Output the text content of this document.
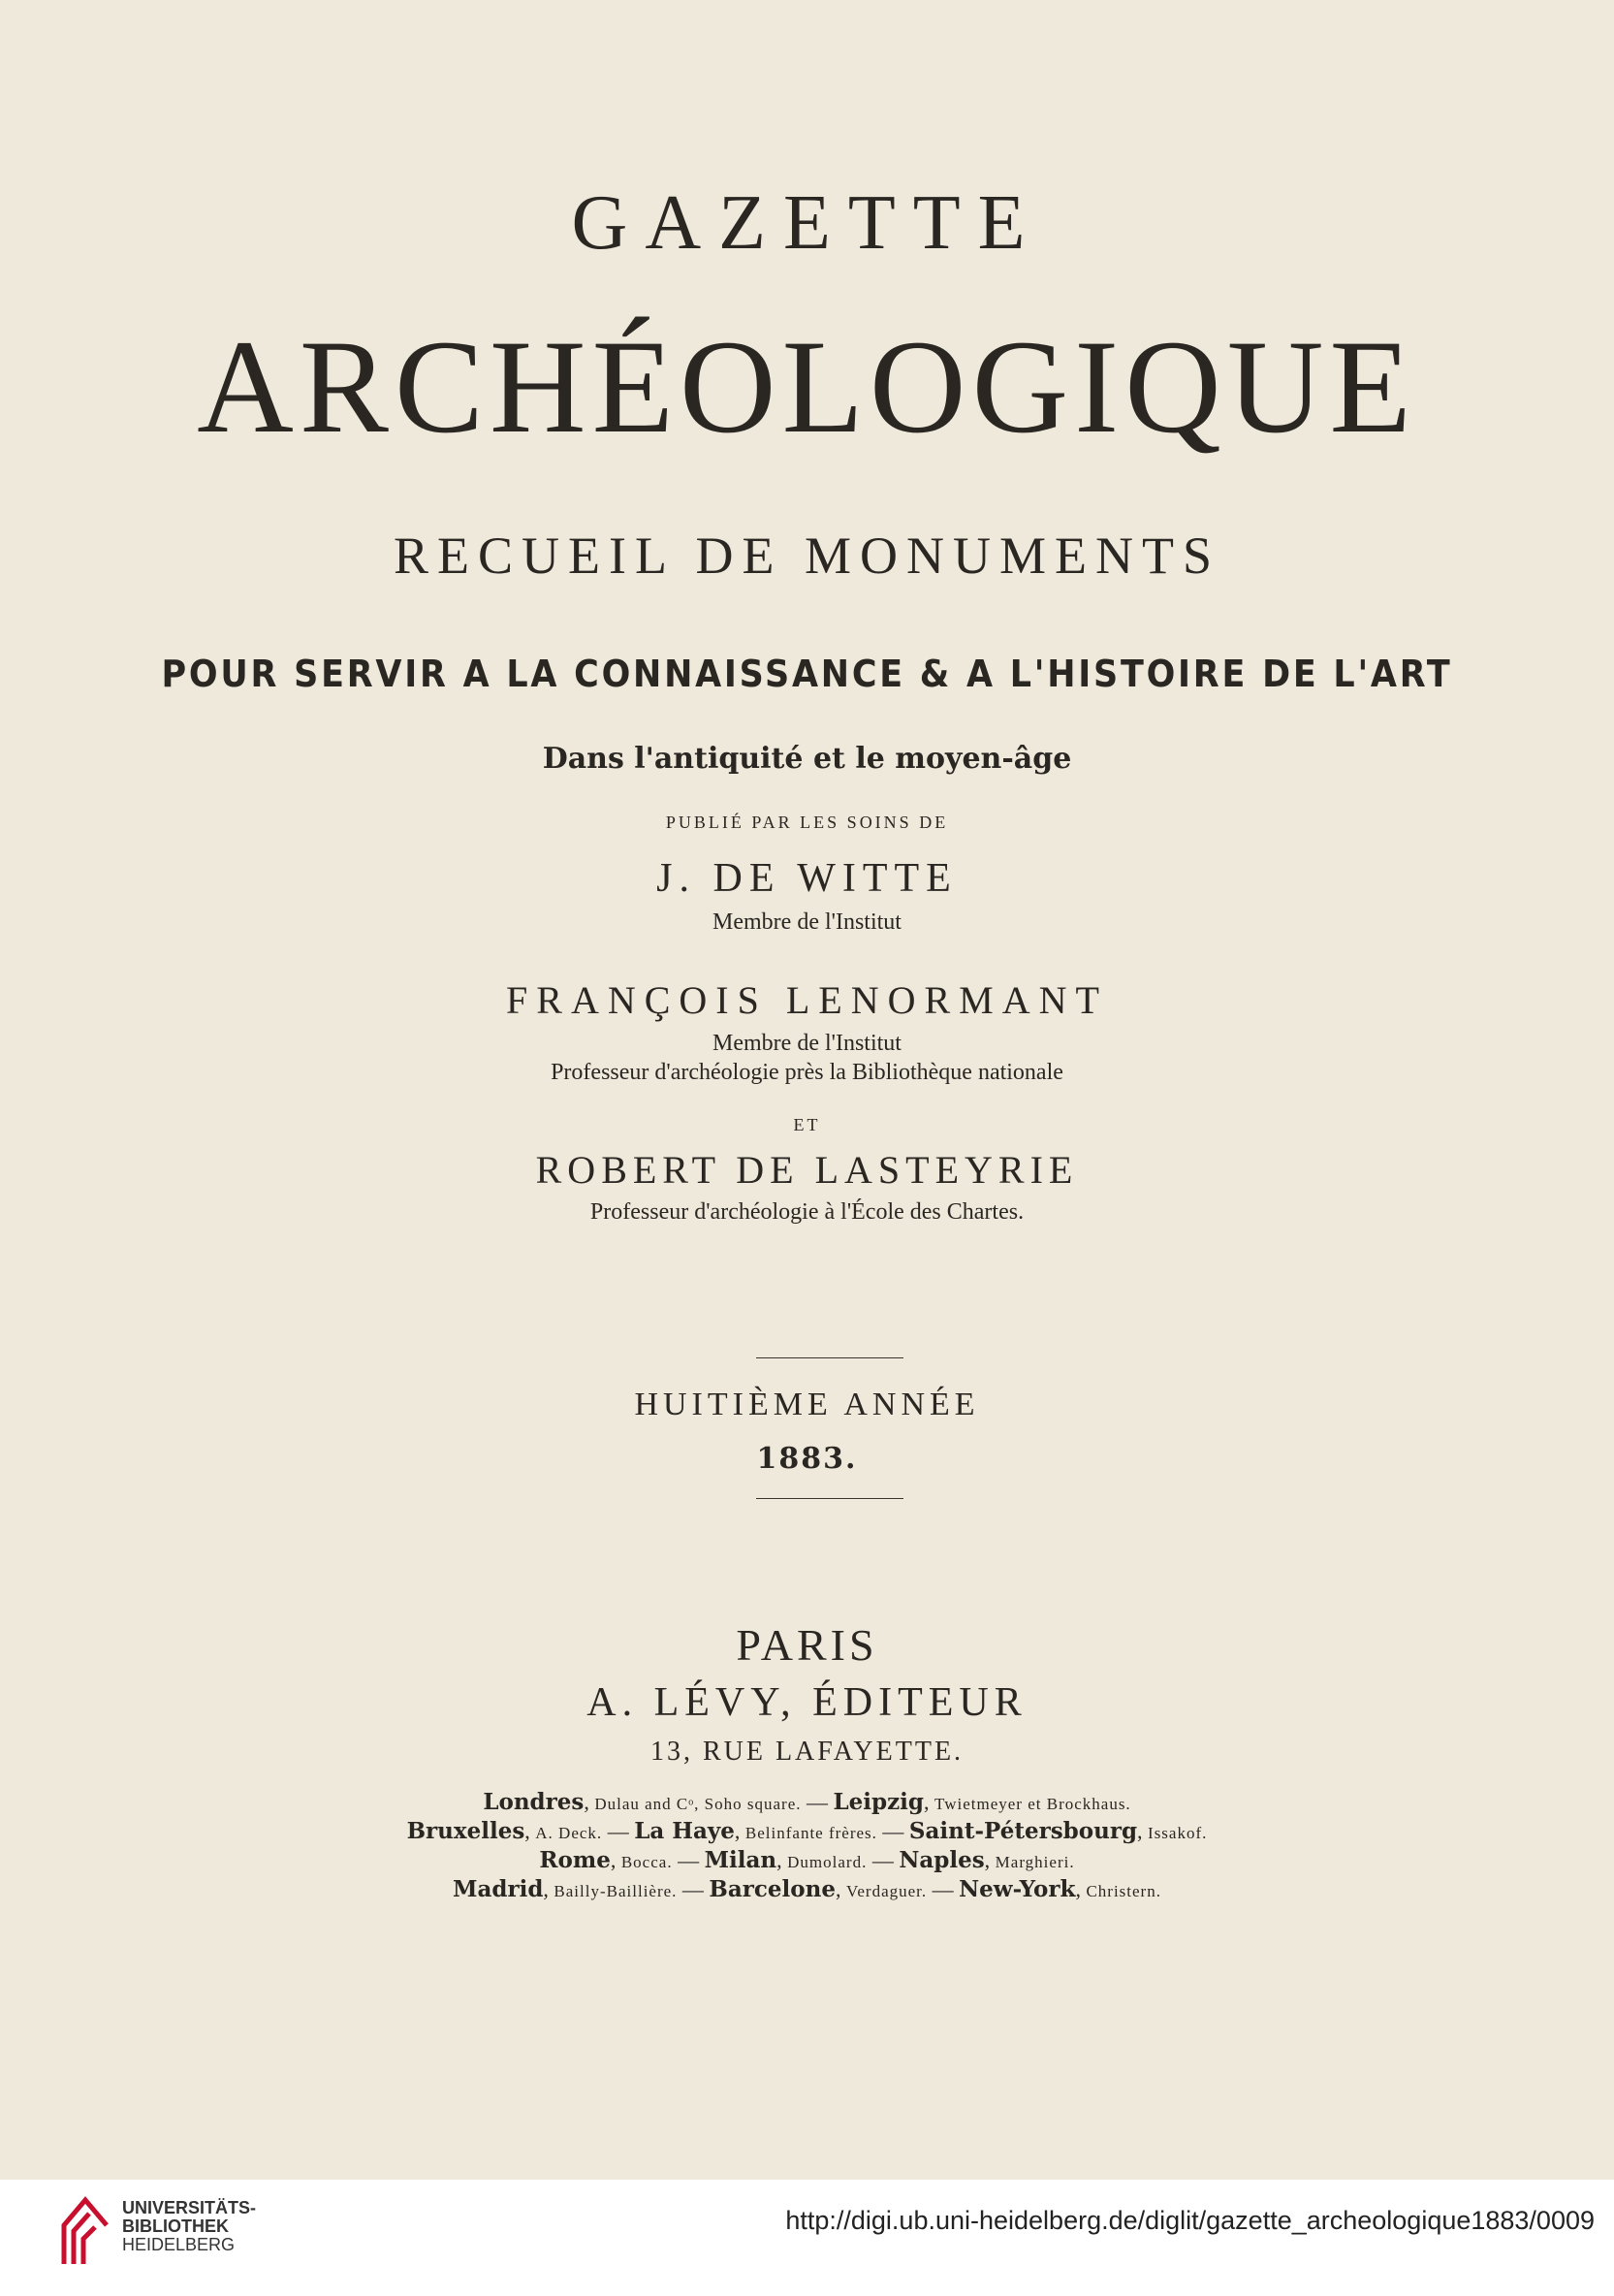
GAZETTE
ARCHÉOLOGIQUE
RECUEIL DE MONUMENTS
POUR SERVIR A LA CONNAISSANCE & A L'HISTOIRE DE L'ART
Dans l'antiquité et le moyen-âge
PUBLIÉ PAR LES SOINS DE
J. DE WITTE
Membre de l'Institut
FRANÇOIS LENORMANT
Membre de l'Institut
Professeur d'archéologie près la Bibliothèque nationale
ET
ROBERT DE LASTEYRIE
Professeur d'archéologie à l'École des Chartes.
HUITIÈME ANNÉE
1883.
PARIS
A. LÉVY, ÉDITEUR
13, RUE LAFAYETTE.
Londres, Dulau and Cᵒ, Soho square. — Leipzig, Twietmeyer et Brockhaus.
Bruxelles, A. Deck. — La Haye, Belinfante frères. — Saint-Pétersbourg, Issakof.
Rome, Bocca. — Milan, Dumolard. — Naples, Marghieri.
Madrid, Bailly-Baillière. — Barcelone, Verdaguer. — New-York, Christern.
UNIVERSITÄTS-
BIBLIOTHEK
HEIDELBERG
http://digi.ub.uni-heidelberg.de/diglit/gazette_archeologique1883/0009
